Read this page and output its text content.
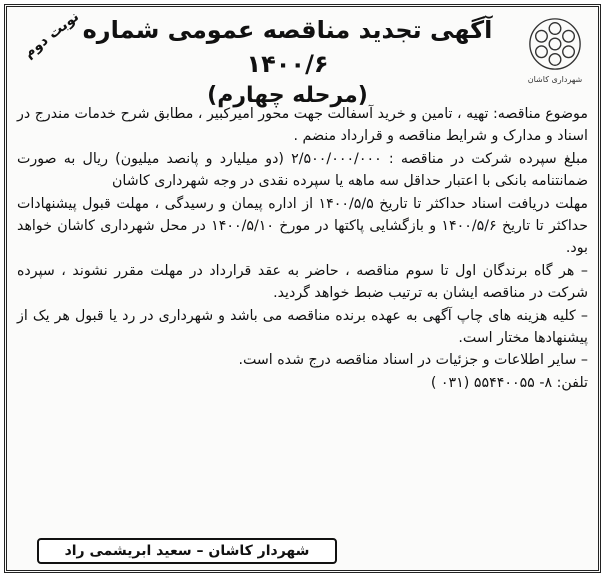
شهرداری کاشان
آگهی تجدید مناقصه عمومی شماره ۱۴۰۰/۶
(مرحله چهارم)
نوبت دوم

موضوع مناقصه: تهیه ، تامین و خرید آسفالت جهت محور امیرکبیر ، مطابق شرح خدمات مندرج در اسناد و مدارک و شرایط مناقصه و قرارداد منضم .

مبلغ سپرده شرکت در مناقصه : ۲/۵۰۰/۰۰۰/۰۰۰ (دو میلیارد و پانصد میلیون) ریال به صورت ضمانتنامه بانکی با اعتبار حداقل سه ماهه یا سپرده نقدی در وجه شهرداری کاشان

مهلت دریافت اسناد حداکثر تا تاریخ ۱۴۰۰/۵/۵ از اداره پیمان و رسیدگی ، مهلت قبول پیشنهادات حداکثر تا تاریخ ۱۴۰۰/۵/۶ و بازگشایی پاکتها در مورخ ۱۴۰۰/۵/۱۰ در محل شهرداری کاشان خواهد بود.

– هر گاه برندگان اول تا سوم مناقصه ، حاضر به عقد قرارداد در مهلت مقرر نشوند ، سپرده شرکت در مناقصه ایشان به ترتیب ضبط خواهد گردید.

– کلیه هزینه های چاپ آگهی به عهده برنده مناقصه می باشد و شهرداری در رد یا قبول هر یک از پیشنهادها مختار است.

– سایر اطلاعات و جزئیات در اسناد مناقصه درج شده است.

تلفن: ۸- ۵۵۴۴۰۰۵۵ (۰۳۱ )

شهردار کاشان – سعید ابریشمی راد
